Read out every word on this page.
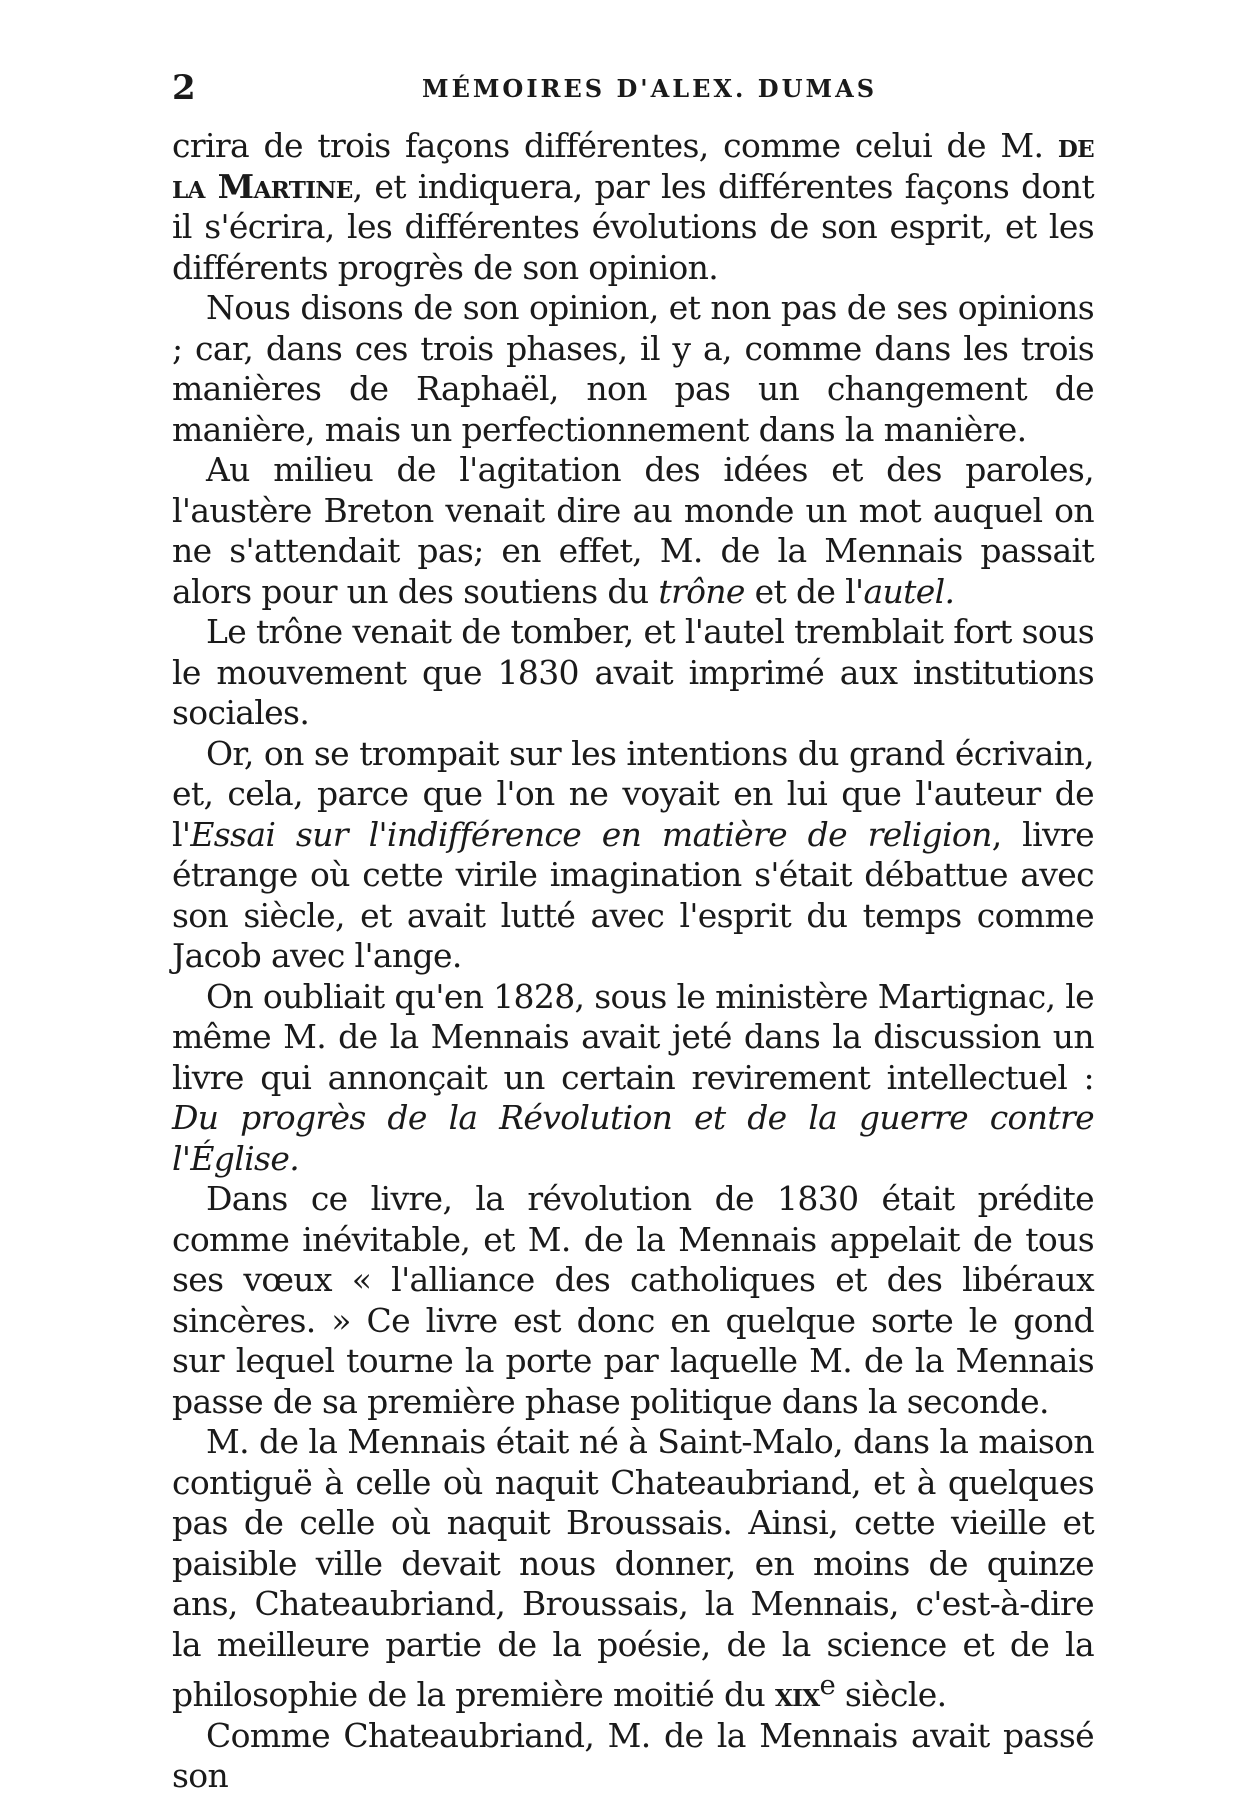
2	MÉMOIRES D'ALEX. DUMAS

crira de trois façons différentes, comme celui de M. de la Martine, et indiquera, par les différentes façons dont il s'écrira, les différentes évolutions de son esprit, et les différents progrès de son opinion.

Nous disons de son opinion, et non pas de ses opinions ; car, dans ces trois phases, il y a, comme dans les trois manières de Raphaël, non pas un changement de manière, mais un perfectionnement dans la manière.

Au milieu de l'agitation des idées et des paroles, l'austère Breton venait dire au monde un mot auquel on ne s'attendait pas; en effet, M. de la Mennais passait alors pour un des soutiens du trône et de l'autel.

Le trône venait de tomber, et l'autel tremblait fort sous le mouvement que 1830 avait imprimé aux institutions sociales.

Or, on se trompait sur les intentions du grand écrivain, et, cela, parce que l'on ne voyait en lui que l'auteur de l'Essai sur l'indifférence en matière de religion, livre étrange où cette virile imagination s'était débattue avec son siècle, et avait lutté avec l'esprit du temps comme Jacob avec l'ange.

On oubliait qu'en 1828, sous le ministère Martignac, le même M. de la Mennais avait jeté dans la discussion un livre qui annonçait un certain revirement intellectuel : Du progrès de la Révolution et de la guerre contre l'Église.

Dans ce livre, la révolution de 1830 était prédite comme inévitable, et M. de la Mennais appelait de tous ses vœux « l'alliance des catholiques et des libéraux sincères. » Ce livre est donc en quelque sorte le gond sur lequel tourne la porte par laquelle M. de la Mennais passe de sa première phase politique dans la seconde.

M. de la Mennais était né à Saint-Malo, dans la maison contiguë à celle où naquit Chateaubriand, et à quelques pas de celle où naquit Broussais. Ainsi, cette vieille et paisible ville devait nous donner, en moins de quinze ans, Chateaubriand, Broussais, la Mennais, c'est-à-dire la meilleure partie de la poésie, de la science et de la philosophie de la première moitié du xix$^e$ siècle.

Comme Chateaubriand, M. de la Mennais avait passé son
